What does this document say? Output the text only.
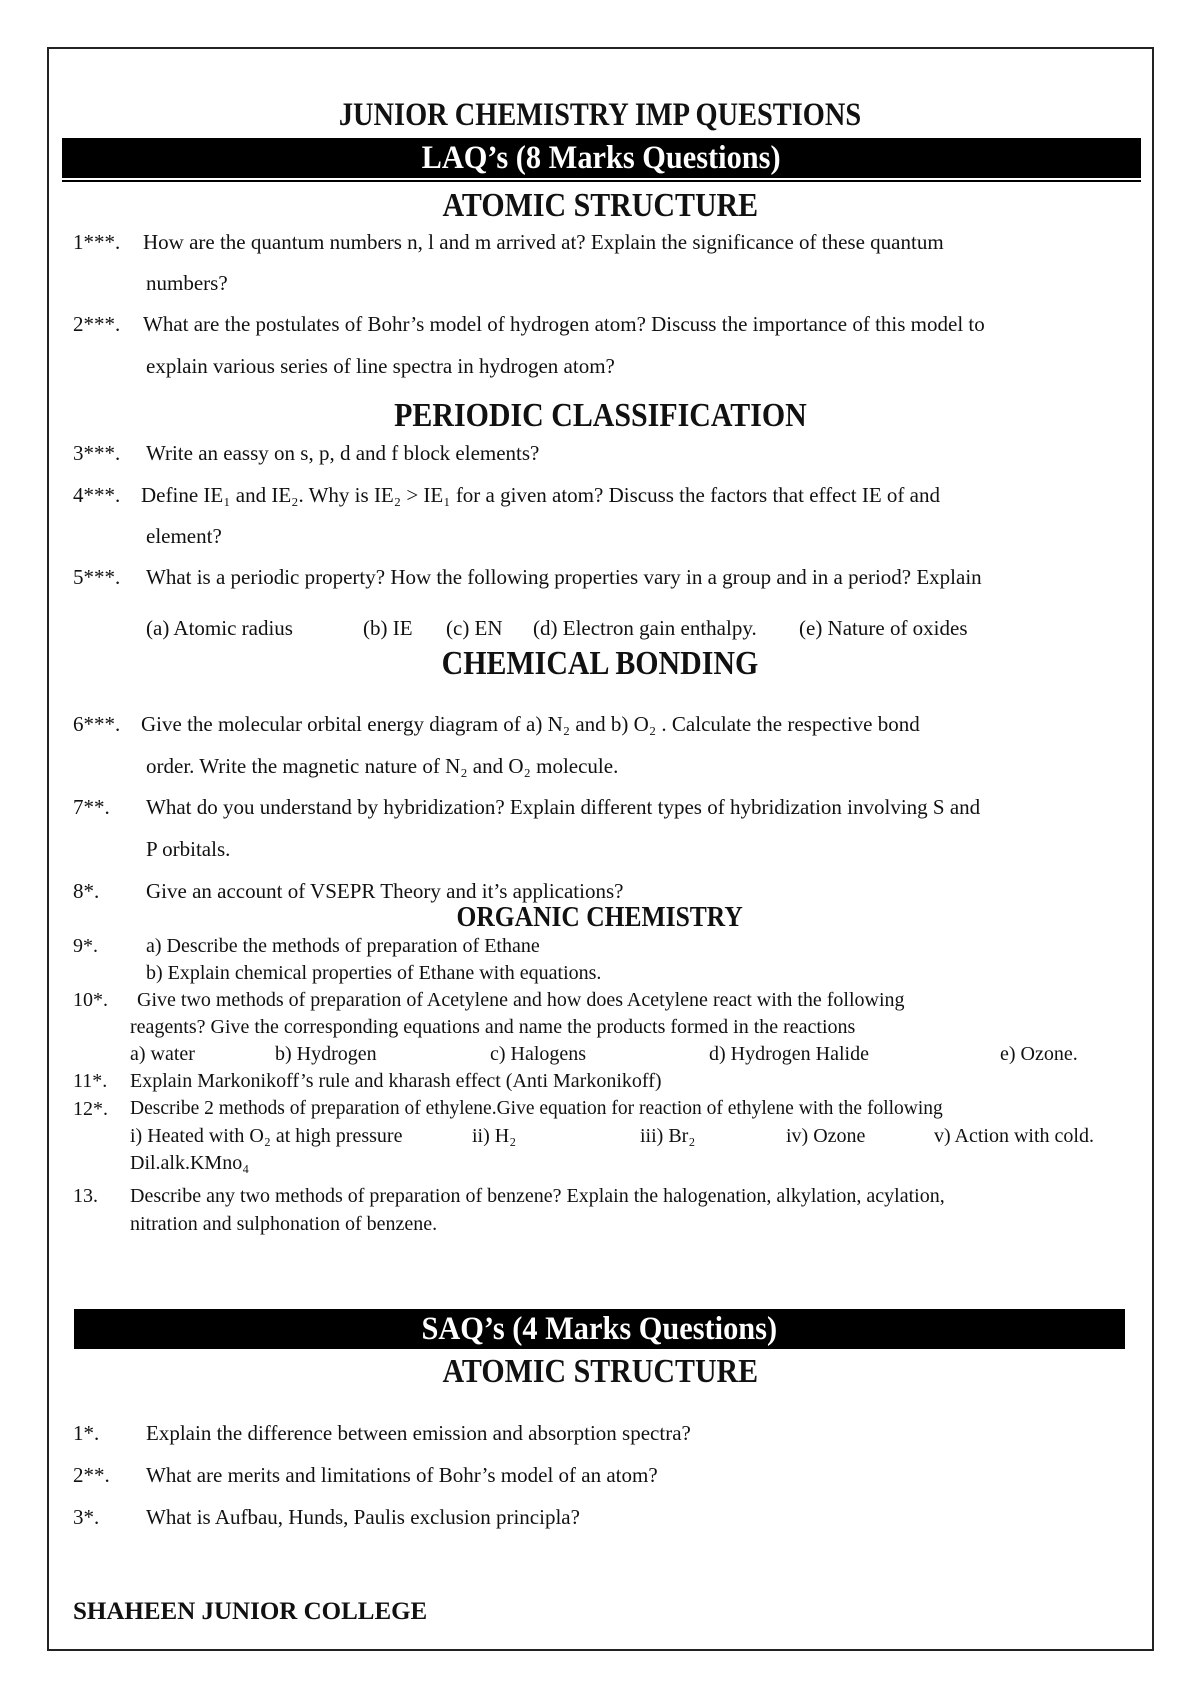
JUNIOR CHEMISTRY IMP QUESTIONS
LAQ’s (8 Marks Questions)
ATOMIC STRUCTURE
1***. How are the quantum numbers n, l and m arrived at? Explain the significance of these quantum
numbers?
2***. What are the postulates of Bohr’s model of hydrogen atom? Discuss the importance of this model to
explain various series of line spectra in hydrogen atom?
PERIODIC CLASSIFICATION
3***. Write an eassy on s, p, d and f block elements?
4***. Define IE₁ and IE₂. Why is IE₂ > IE₁ for a given atom? Discuss the factors that effect IE of and
element?
5***. What is a periodic property? How the following properties vary in a group and in a period? Explain
(a) Atomic radius	(b) IE (c) EN (d) Electron gain enthalpy. (e) Nature of oxides
CHEMICAL BONDING
6***. Give the molecular orbital energy diagram of a) N₂ and b) O₂ . Calculate the respective bond
order. Write the magnetic nature of N₂ and O₂ molecule.
7**. What do you understand by hybridization? Explain different types of hybridization involving S and
P orbitals.
8*. Give an account of VSEPR Theory and it’s applications?
ORGANIC CHEMISTRY
9*. a) Describe the methods of preparation of Ethane
b) Explain chemical properties of Ethane with equations.
10*. Give two methods of preparation of Acetylene and how does Acetylene react with the following
reagents? Give the corresponding equations and name the products formed in the reactions
a) water	b) Hydrogen	c) Halogens	d) Hydrogen Halide	e) Ozone.
11*. Explain Markonikoff’s rule and kharash effect (Anti Markonikoff)
12*. Describe 2 methods of preparation of ethylene.Give equation for reaction of ethylene with the following
i) Heated with O₂ at high pressure	ii) H₂	iii) Br₂	iv) Ozone	v) Action with cold.
Dil.alk.KMno₄
13. Describe any two methods of preparation of benzene? Explain the halogenation, alkylation, acylation,
nitration and sulphonation of benzene.
SAQ’s (4 Marks Questions)
ATOMIC STRUCTURE
1*. Explain the difference between emission and absorption spectra?
2**. What are merits and limitations of Bohr’s model of an atom?
3*. What is Aufbau, Hunds, Paulis exclusion principla?
SHAHEEN JUNIOR COLLEGE
